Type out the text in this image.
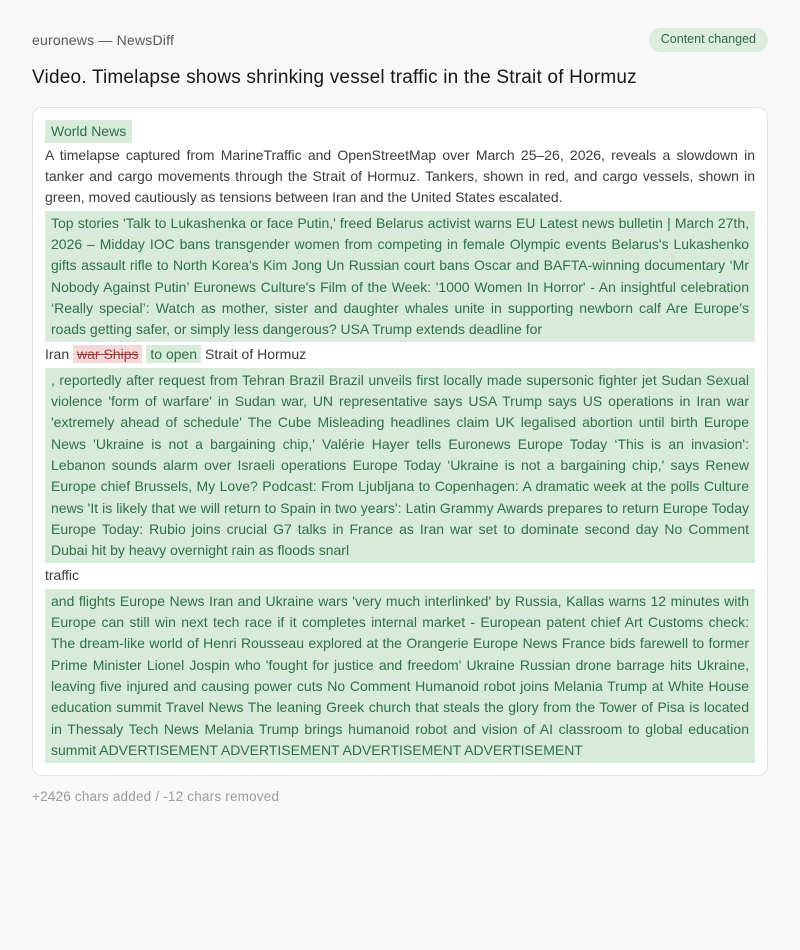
euronews — NewsDiff	Content changed
Video. Timelapse shows shrinking vessel traffic in the Strait of Hormuz
World News
A timelapse captured from MarineTraffic and OpenStreetMap over March 25–26, 2026, reveals a slowdown in tanker and cargo movements through the Strait of Hormuz. Tankers, shown in red, and cargo vessels, shown in green, moved cautiously as tensions between Iran and the United States escalated.
Top stories 'Talk to Lukashenka or face Putin,' freed Belarus activist warns EU Latest news bulletin | March 27th, 2026 – Midday IOC bans transgender women from competing in female Olympic events Belarus's Lukashenko gifts assault rifle to North Korea's Kim Jong Un Russian court bans Oscar and BAFTA-winning documentary ‘Mr Nobody Against Putin’ Euronews Culture's Film of the Week: '1000 Women In Horror' - An insightful celebration ‘Really special’: Watch as mother, sister and daughter whales unite in supporting newborn calf Are Europe’s roads getting safer, or simply less dangerous? USA Trump extends deadline for
Iran war Ships to open Strait of Hormuz
, reportedly after request from Tehran Brazil Brazil unveils first locally made supersonic fighter jet Sudan Sexual violence 'form of warfare' in Sudan war, UN representative says USA Trump says US operations in Iran war 'extremely ahead of schedule' The Cube Misleading headlines claim UK legalised abortion until birth Europe News 'Ukraine is not a bargaining chip,' Valérie Hayer tells Euronews Europe Today ‘This is an invasion': Lebanon sounds alarm over Israeli operations Europe Today ‘Ukraine is not a bargaining chip,' says Renew Europe chief Brussels, My Love? Podcast: From Ljubljana to Copenhagen: A dramatic week at the polls Culture news 'It is likely that we will return to Spain in two years': Latin Grammy Awards prepares to return Europe Today Europe Today: Rubio joins crucial G7 talks in France as Iran war set to dominate second day No Comment Dubai hit by heavy overnight rain as floods snarl
traffic
and flights Europe News Iran and Ukraine wars 'very much interlinked' by Russia, Kallas warns 12 minutes with Europe can still win next tech race if it completes internal market - European patent chief Art Customs check: The dream-like world of Henri Rousseau explored at the Orangerie Europe News France bids farewell to former Prime Minister Lionel Jospin who 'fought for justice and freedom' Ukraine Russian drone barrage hits Ukraine, leaving five injured and causing power cuts No Comment Humanoid robot joins Melania Trump at White House education summit Travel News The leaning Greek church that steals the glory from the Tower of Pisa is located in Thessaly Tech News Melania Trump brings humanoid robot and vision of AI classroom to global education summit ADVERTISEMENT ADVERTISEMENT ADVERTISEMENT ADVERTISEMENT
+2426 chars added / -12 chars removed
